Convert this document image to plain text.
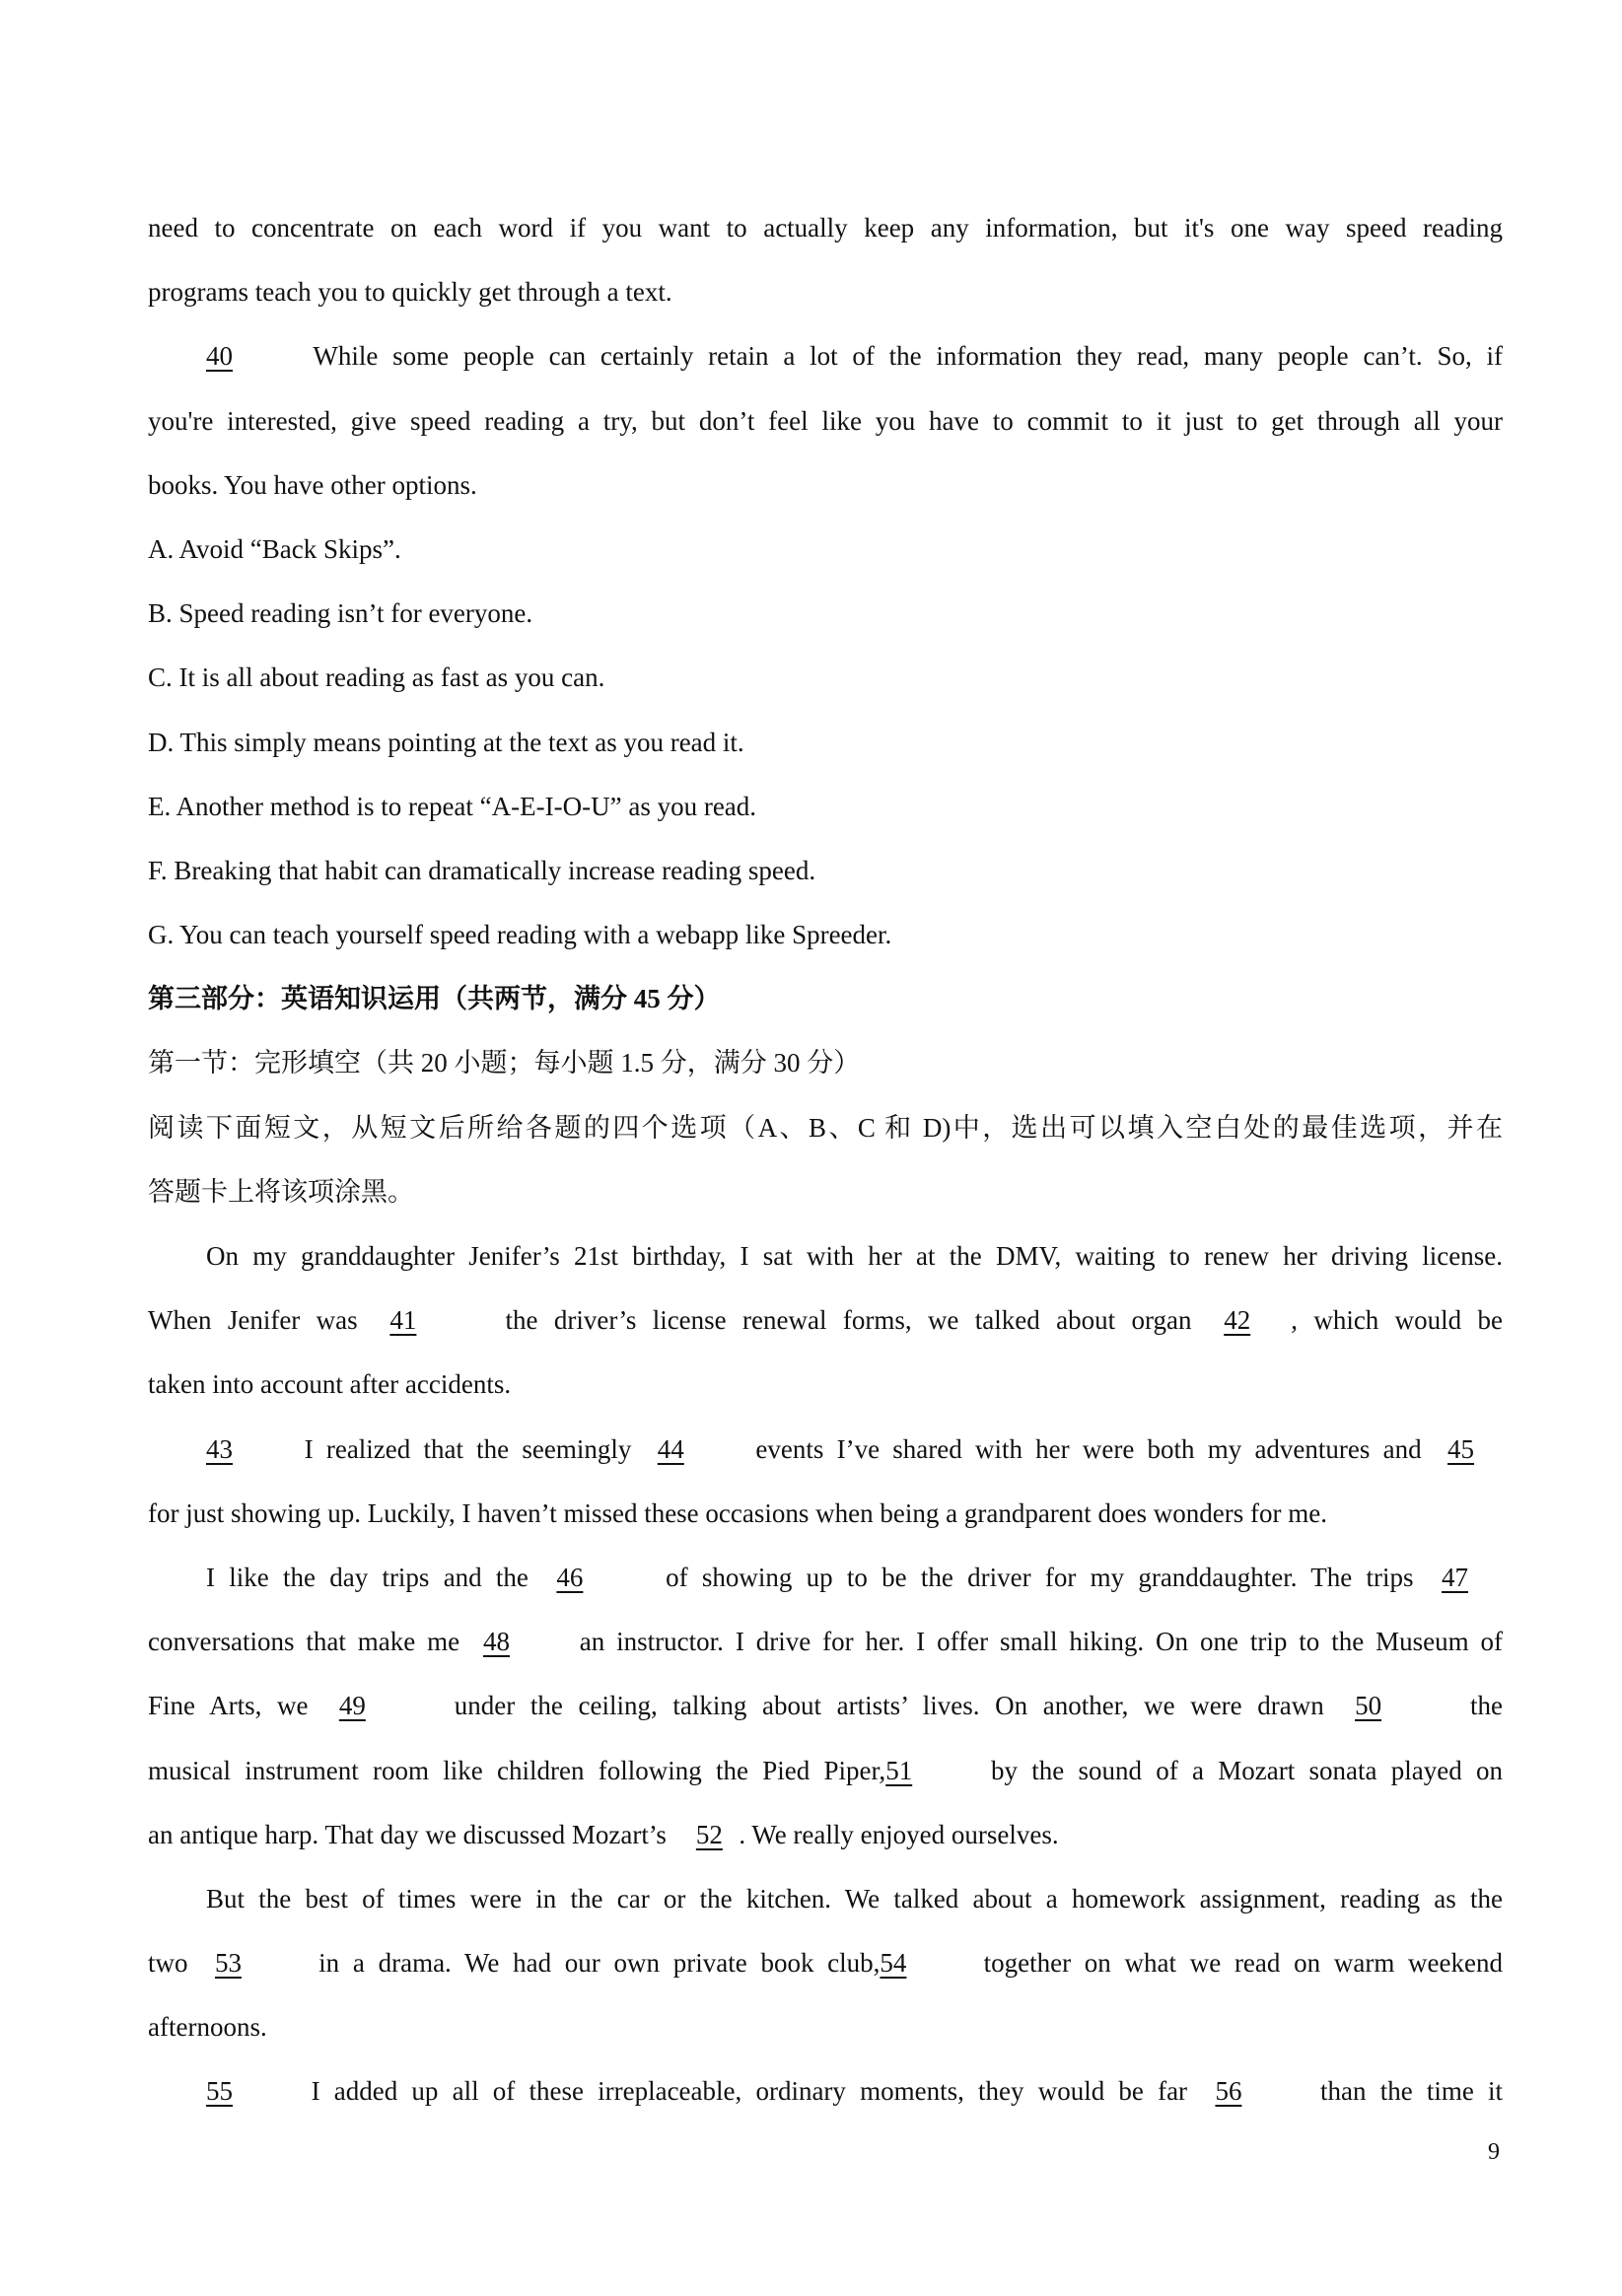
need to concentrate on each word if you want to actually keep any information, but it's one way speed reading
programs teach you to quickly get through a text.
40	While some people can certainly retain a lot of the information they read, many people can’t. So, if
you're interested, give speed reading a try, but don’t feel like you have to commit to it just to get through all your
books. You have other options.
A. Avoid “Back Skips”.
B. Speed reading isn’t for everyone.
C. It is all about reading as fast as you can.
D. This simply means pointing at the text as you read it.
E. Another method is to repeat “A-E-I-O-U” as you read.
F. Breaking that habit can dramatically increase reading speed.
G. You can teach yourself speed reading with a webapp like Spreeder.
第三部分：英语知识运用（共两节，满分 45 分）
第一节：完形填空（共 20 小题；每小题 1.5 分，满分 30 分）
阅读下面短文，从短文后所给各题的四个选项（A、B、C 和 D)中，选出可以填入空白处的最佳选项，并在
答题卡上将该项涂黑。
On my granddaughter Jenifer’s 21st birthday, I sat with her at the DMV, waiting to renew her driving license.
When Jenifer was 41	the driver’s license renewal forms, we talked about organ 42 , which would be
taken into account after accidents.
43	I realized that the seemingly 44	events I’ve shared with her were both my adventures and 45
for just showing up. Luckily, I haven’t missed these occasions when being a grandparent does wonders for me.
I like the day trips and the 46	of showing up to be the driver for my granddaughter. The trips 47
conversations that make me 48	an instructor. I drive for her. I offer small hiking. On one trip to the Museum of
Fine Arts, we 49	under the ceiling, talking about artists’ lives. On another, we were drawn 50	the
musical instrument room like children following the Pied Piper,51	by the sound of a Mozart sonata played on
an antique harp. That day we discussed Mozart’s 52 . We really enjoyed ourselves.
But the best of times were in the car or the kitchen. We talked about a homework assignment, reading as the
two 53	in a drama. We had our own private book club,54	together on what we read on warm weekend
afternoons.
55	I added up all of these irreplaceable, ordinary moments, they would be far 56	than the time it
9
